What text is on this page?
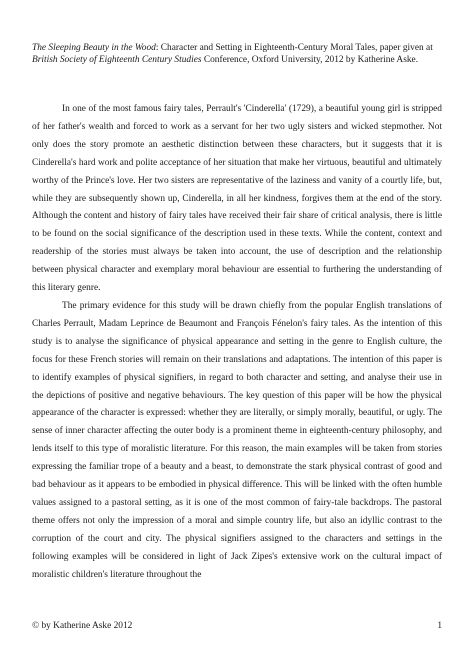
The Sleeping Beauty in the Wood: Character and Setting in Eighteenth-Century Moral Tales, paper given at British Society of Eighteenth Century Studies Conference, Oxford University, 2012 by Katherine Aske.

In one of the most famous fairy tales, Perrault's 'Cinderella' (1729), a beautiful young girl is stripped of her father's wealth and forced to work as a servant for her two ugly sisters and wicked stepmother. Not only does the story promote an aesthetic distinction between these characters, but it suggests that it is Cinderella's hard work and polite acceptance of her situation that make her virtuous, beautiful and ultimately worthy of the Prince's love. Her two sisters are representative of the laziness and vanity of a courtly life, but, while they are subsequently shown up, Cinderella, in all her kindness, forgives them at the end of the story. Although the content and history of fairy tales have received their fair share of critical analysis, there is little to be found on the social significance of the description used in these texts. While the content, context and readership of the stories must always be taken into account, the use of description and the relationship between physical character and exemplary moral behaviour are essential to furthering the understanding of this literary genre.

The primary evidence for this study will be drawn chiefly from the popular English translations of Charles Perrault, Madam Leprince de Beaumont and François Fénelon's fairy tales. As the intention of this study is to analyse the significance of physical appearance and setting in the genre to English culture, the focus for these French stories will remain on their translations and adaptations. The intention of this paper is to identify examples of physical signifiers, in regard to both character and setting, and analyse their use in the depictions of positive and negative behaviours. The key question of this paper will be how the physical appearance of the character is expressed: whether they are literally, or simply morally, beautiful, or ugly. The sense of inner character affecting the outer body is a prominent theme in eighteenth-century philosophy, and lends itself to this type of moralistic literature. For this reason, the main examples will be taken from stories expressing the familiar trope of a beauty and a beast, to demonstrate the stark physical contrast of good and bad behaviour as it appears to be embodied in physical difference. This will be linked with the often humble values assigned to a pastoral setting, as it is one of the most common of fairy-tale backdrops. The pastoral theme offers not only the impression of a moral and simple country life, but also an idyllic contrast to the corruption of the court and city. The physical signifiers assigned to the characters and settings in the following examples will be considered in light of Jack Zipes's extensive work on the cultural impact of moralistic children's literature throughout the

© by Katherine Aske 2012	1
